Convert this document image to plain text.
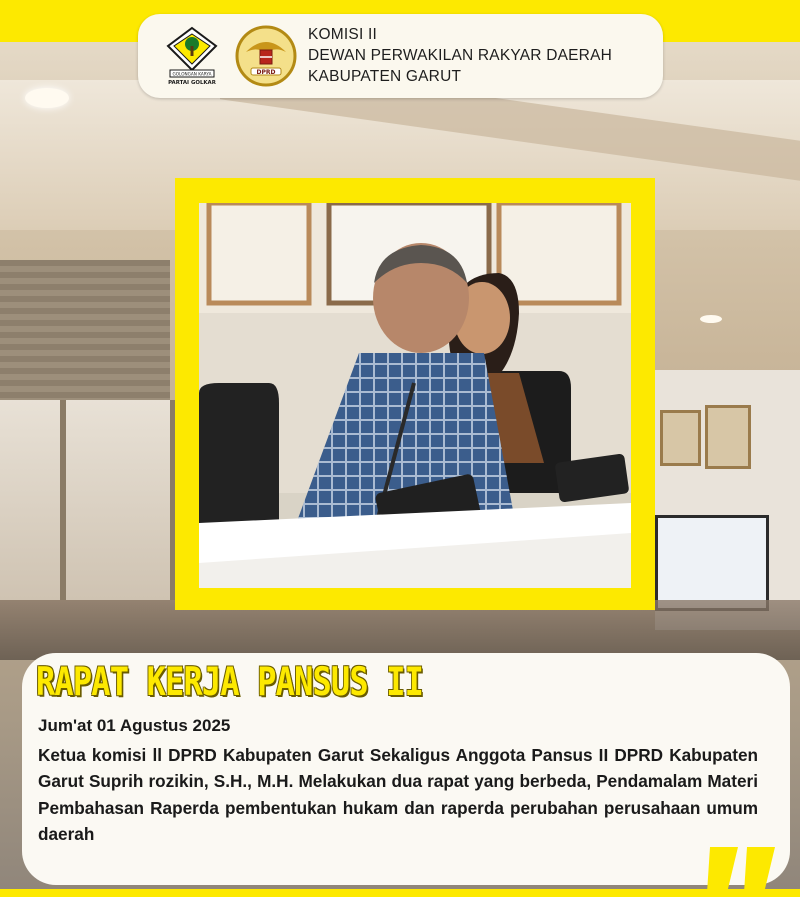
GOLONGAN KARYA
PARTAI GOLKAR
DPRD
KOMISI II
DEWAN PERWAKILAN RAKYAR DAERAH
KABUPATEN GARUT
RAPAT KERJA PANSUS II
Jum'at 01 Agustus 2025
Ketua komisi ll DPRD Kabupaten Garut Sekaligus Anggota Pansus II DPRD Kabupaten Garut Suprih rozikin, S.H., M.H. Melakukan dua rapat yang berbeda, Pendamalam Materi Pembahasan Raperda pembentukan hukam dan raperda perubahan perusahaan umum daerah
